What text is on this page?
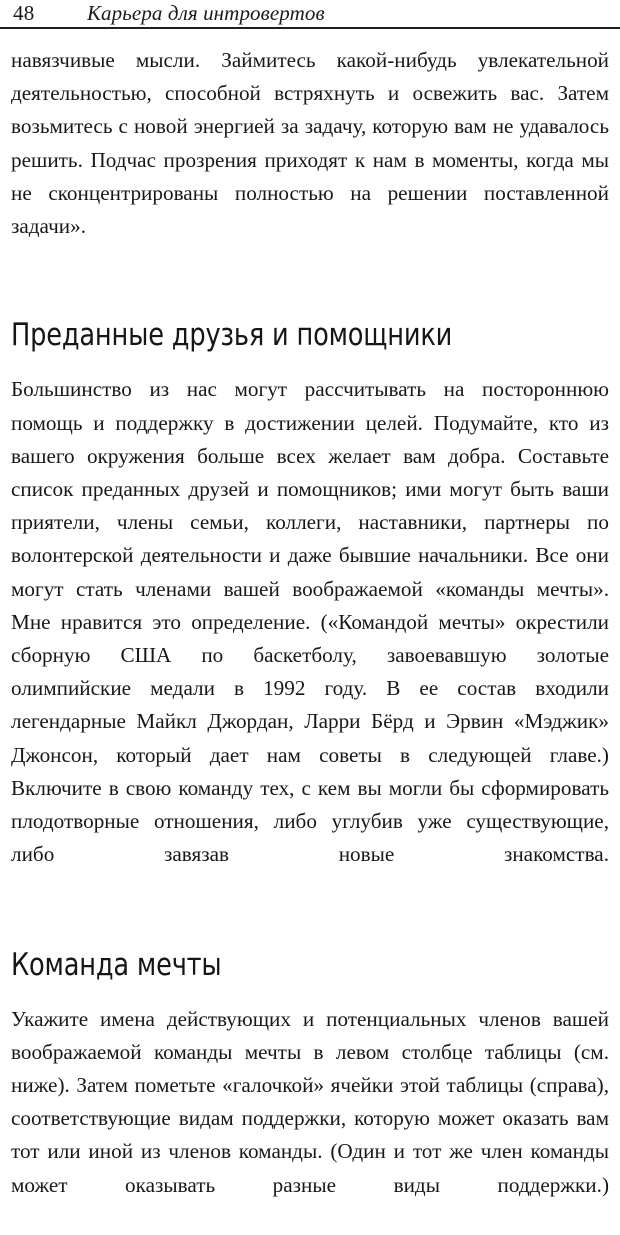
48	Карьера для интровертов

навязчивые мысли. Займитесь какой-нибудь увлекательной деятельностью, способной встряхнуть и освежить вас. Затем возьмитесь с новой энергией за задачу, которую вам не удавалось решить. Подчас прозрения приходят к нам в моменты, когда мы не сконцентрированы полностью на решении поставленной задачи».

Преданные друзья и помощники

Большинство из нас могут рассчитывать на постороннюю помощь и поддержку в достижении целей. Подумайте, кто из вашего окружения больше всех желает вам добра. Составьте список преданных друзей и помощников; ими могут быть ваши приятели, члены семьи, коллеги, наставники, партнеры по волонтерской деятельности и даже бывшие начальники. Все они могут стать членами вашей воображаемой «команды мечты». Мне нравится это определение. («Командой мечты» окрестили сборную США по баскетболу, завоевавшую золотые олимпийские медали в 1992 году. В ее состав входили легендарные Майкл Джордан, Ларри Бёрд и Эрвин «Мэджик» Джонсон, который дает нам советы в следующей главе.) Включите в свою команду тех, с кем вы могли бы сформировать плодотворные отношения, либо углубив уже существующие, либо завязав новые знакомства.

Команда мечты

Укажите имена действующих и потенциальных членов вашей воображаемой команды мечты в левом столбце таблицы (см. ниже). Затем пометьте «галочкой» ячейки этой таблицы (справа), соответствующие видам поддержки, которую может оказать вам тот или иной из членов команды. (Один и тот же член команды может оказывать разные виды поддержки.)
